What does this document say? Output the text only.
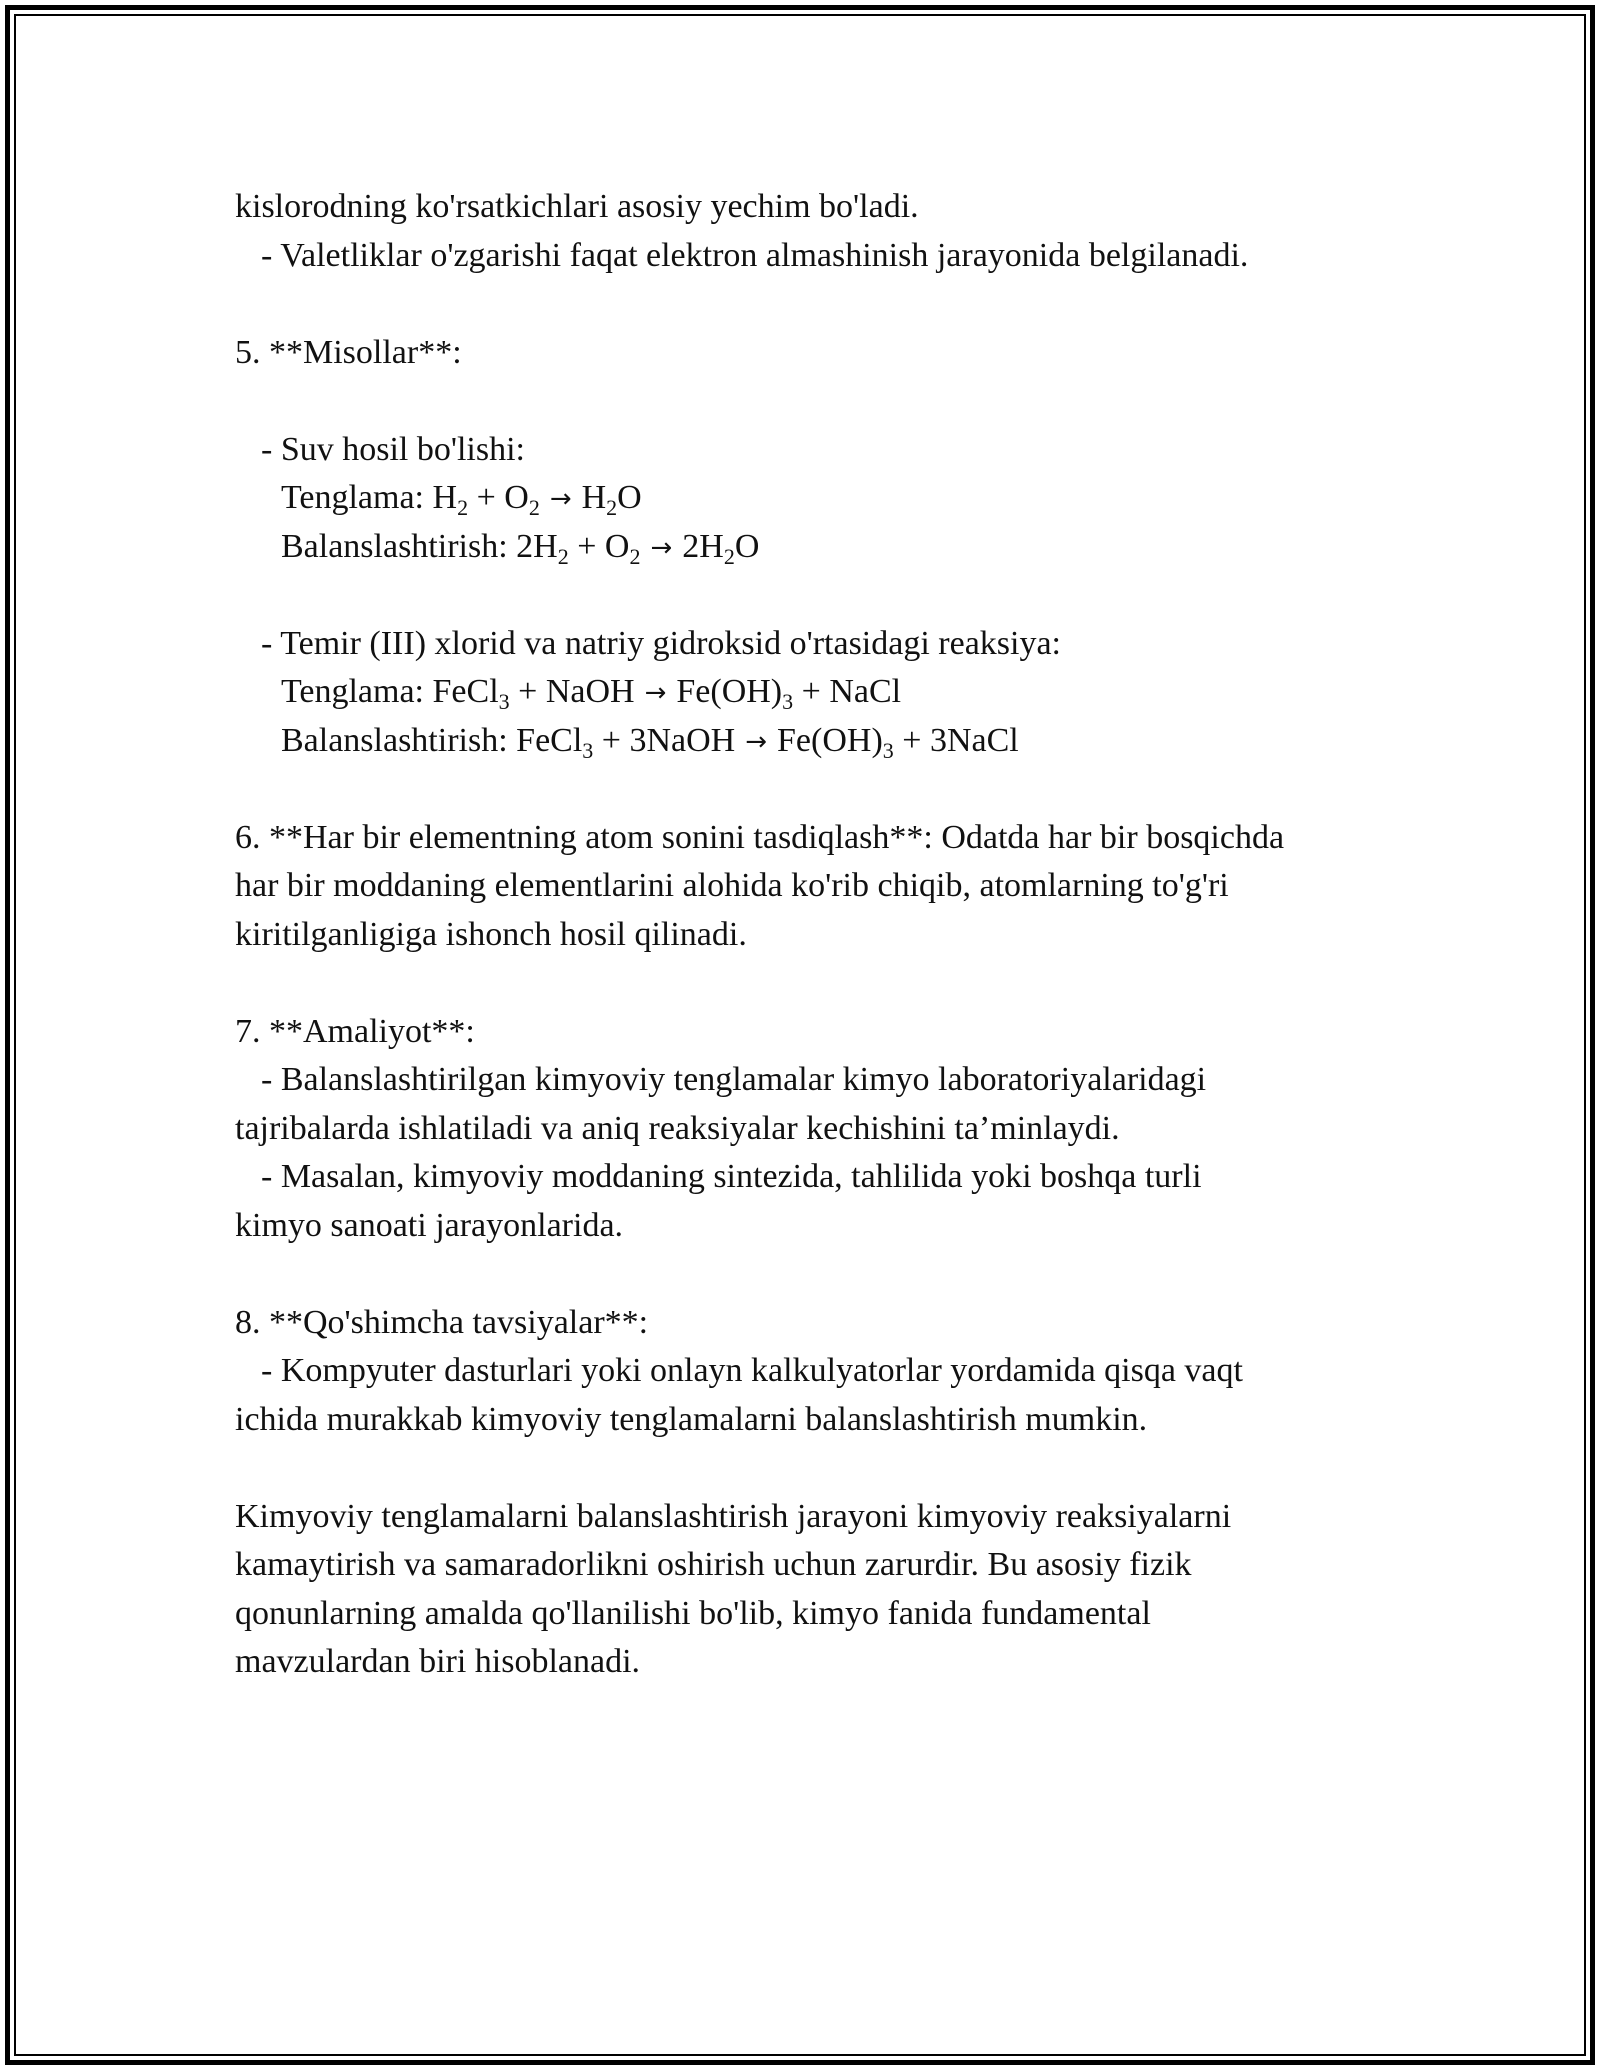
kislorodning ko'rsatkichlari asosiy yechim bo'ladi.
- Valetliklar o'zgarishi faqat elektron almashinish jarayonida belgilanadi.
5. **Misollar**:
- Suv hosil bo'lishi:
Tenglama: $H_2 + O_2 \to H_2O$
Balanslashtirish: $2H_2 + O_2 \to 2H_2O$
- Temir (III) xlorid va natriy gidroksid o'rtasidagi reaksiya:
Tenglama: FeCl$_3$ + NaOH → $Fe(OH)_3$ + NaCl
Balanslashtirish: FeCl$_3$ + 3NaOH → $Fe(OH)_3$ + 3NaCl
6. **Har bir elementning atom sonini tasdiqlash**: Odatda har bir bosqichda
har bir moddaning elementlarini alohida ko'rib chiqib, atomlarning to'g'ri
kiritilganligiga ishonch hosil qilinadi.
7. **Amaliyot**:
- Balanslashtirilgan kimyoviy tenglamalar kimyo laboratoriyalaridagi
tajribalarda ishlatiladi va aniq reaksiyalar kechishini ta’minlaydi.
- Masalan, kimyoviy moddaning sintezida, tahlilida yoki boshqa turli
kimyo sanoati jarayonlarida.
8. **Qo'shimcha tavsiyalar**:
- Kompyuter dasturlari yoki onlayn kalkulyatorlar yordamida qisqa vaqt
ichida murakkab kimyoviy tenglamalarni balanslashtirish mumkin.
Kimyoviy tenglamalarni balanslashtirish jarayoni kimyoviy reaksiyalarni
kamaytirish va samaradorlikni oshirish uchun zarurdir. Bu asosiy fizik
qonunlarning amalda qo'llanilishi bo'lib, kimyo fanida fundamental
mavzulardan biri hisoblanadi.
